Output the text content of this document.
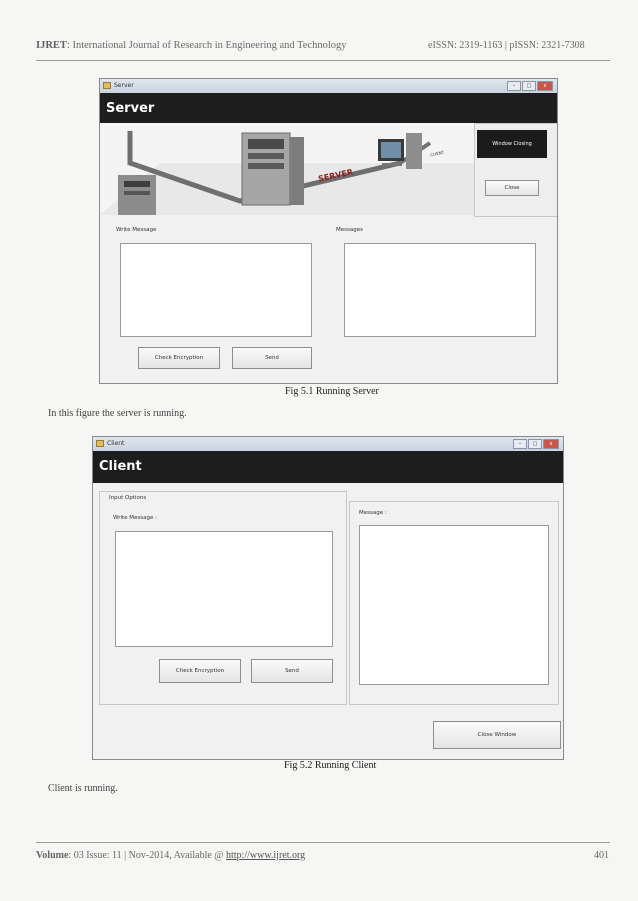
IJRET: International Journal of Research in Engineering and Technology	eISSN: 2319-1163 | pISSN: 2321-7308
Server	–	□	x
Server
SERVER
CLIENT
Window Closing
Close
Write Message	Messages
Check Encryption	Send
Fig 5.1 Running Server
In this figure the server is running.
Client	–	□	x
Client
Input Options
Write Message :
Check Encryption	Send
Message :
Close Window
Fig 5.2 Running Client
Client is running.
Volume: 03 Issue: 11 | Nov-2014, Available @ http://www.ijret.org	401
